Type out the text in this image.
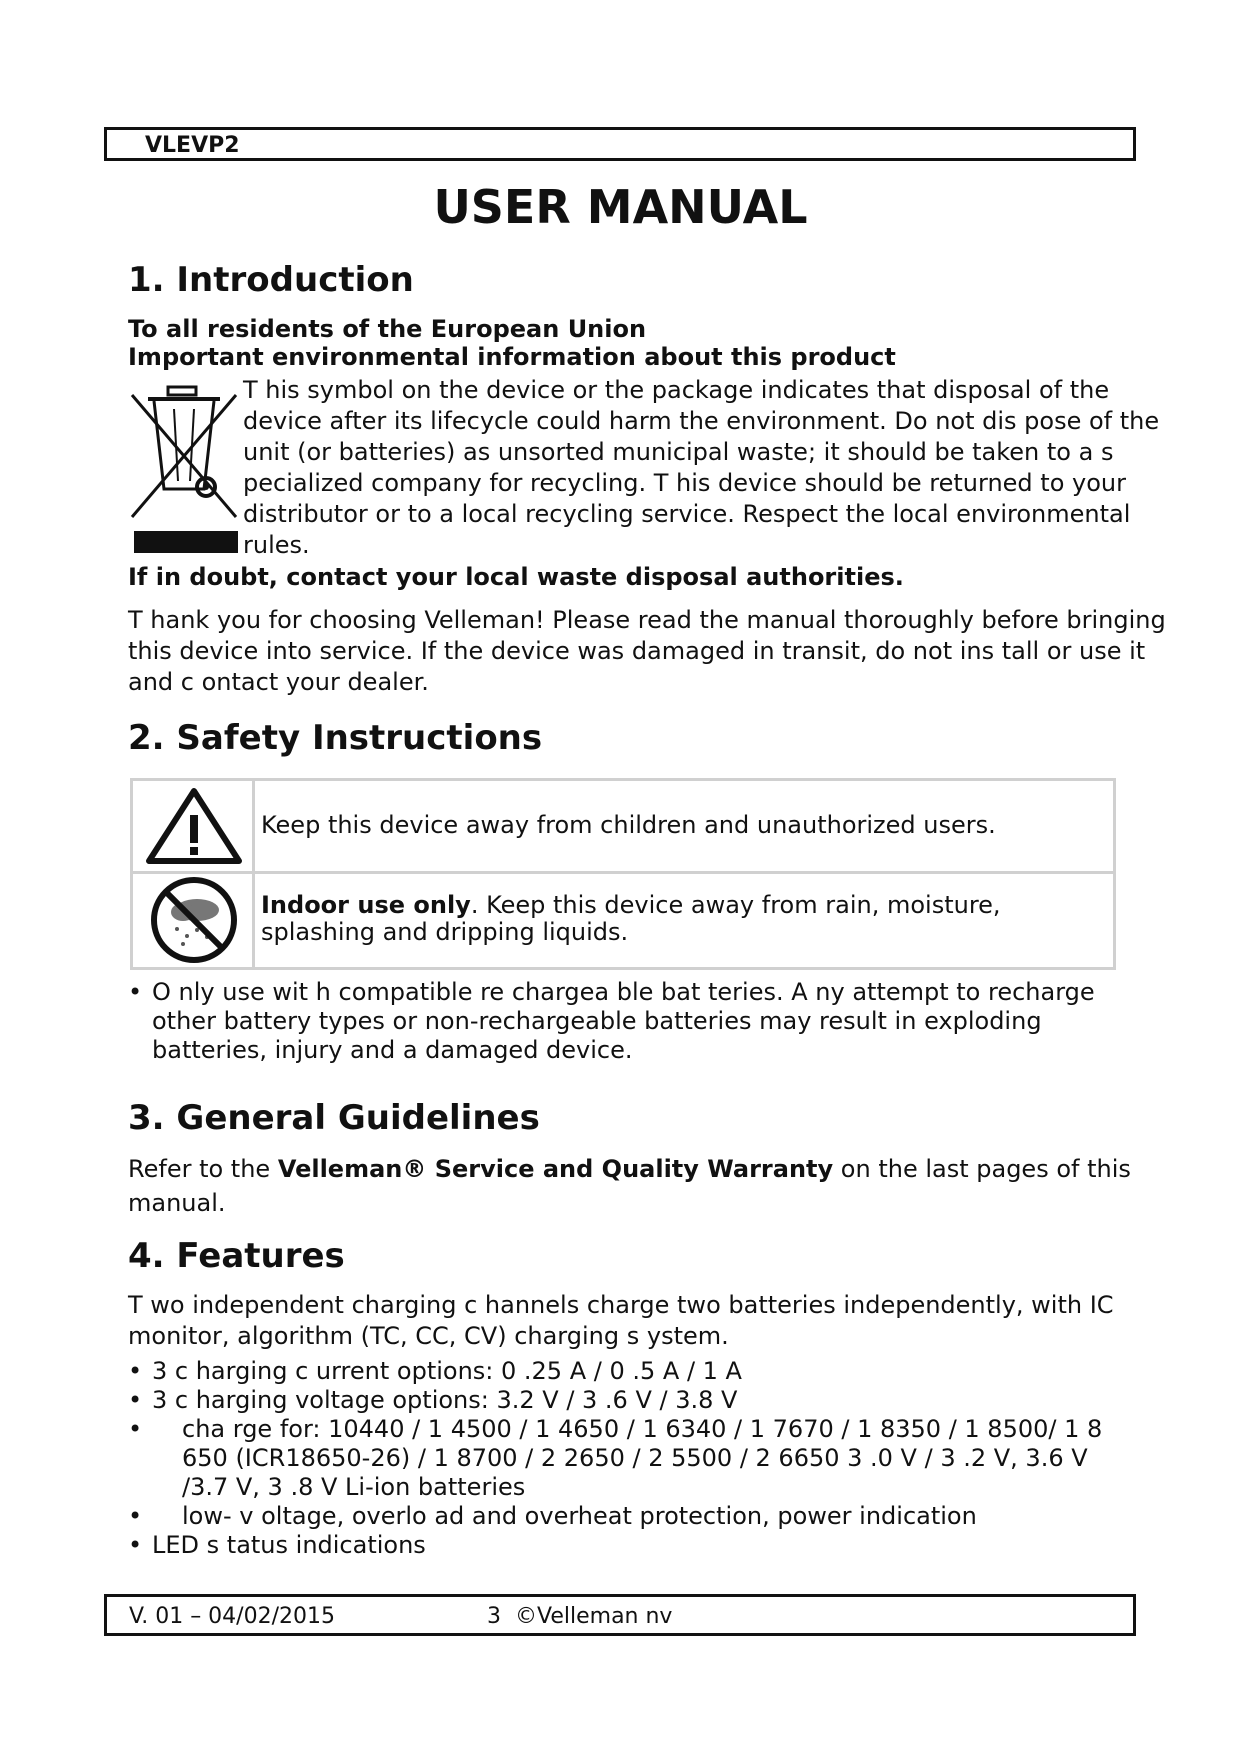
VLEVP2
USER MANUAL
1. Introduction

To all residents of the European Union

Important environmental information about this product

T his symbol on the device or the package indicates that disposal of the device after its lifecycle could harm the environment. Do not dis pose of the unit (or batteries) as unsorted municipal waste; it should be taken to a s pecialized company for recycling. T his device should be returned to your distributor or to a local recycling service. Respect the local environmental rules.

If in doubt, contact your local waste disposal authorities.

T hank you for choosing Velleman! Please read the manual thoroughly before bringing this device into service. If the device was damaged in transit, do not ins tall or use it and c ontact your dealer.

2. Safety Instructions
Keep this device away from children and unauthorized users.
Indoor use only. Keep this device away from rain, moisture, splashing and dripping liquids.
• O nly use wit h compatible re chargea ble bat teries. A ny attempt to recharge other battery types or non-rechargeable batteries may result in exploding batteries, injury and a damaged device.
3. General Guidelines

Refer to the Velleman® Service and Quality Warranty on the last pages of this manual.

4. Features

T wo independent charging c hannels charge two batteries independently, with IC monitor, algorithm (TC, CC, CV) charging s ystem.

• 3 c harging c urrent options: 0 .25 A / 0 .5 A / 1 A
• 3 c harging voltage options: 3.2 V / 3 .6 V / 3.8 V
• cha rge for: 10440 / 1 4500 / 1 4650 / 1 6340 / 1 7670 / 1 8350 / 1 8500/ 1 8 650 (ICR18650-26) / 1 8700 / 2 2650 / 2 5500 / 2 6650 3 .0 V / 3 .2 V, 3.6 V /3.7 V, 3 .8 V Li-ion batteries
• low- v oltage, overlo ad and overheat protection, power indication
• LED s tatus indications
V. 01 – 04/02/2015	3 ©Velleman nv
